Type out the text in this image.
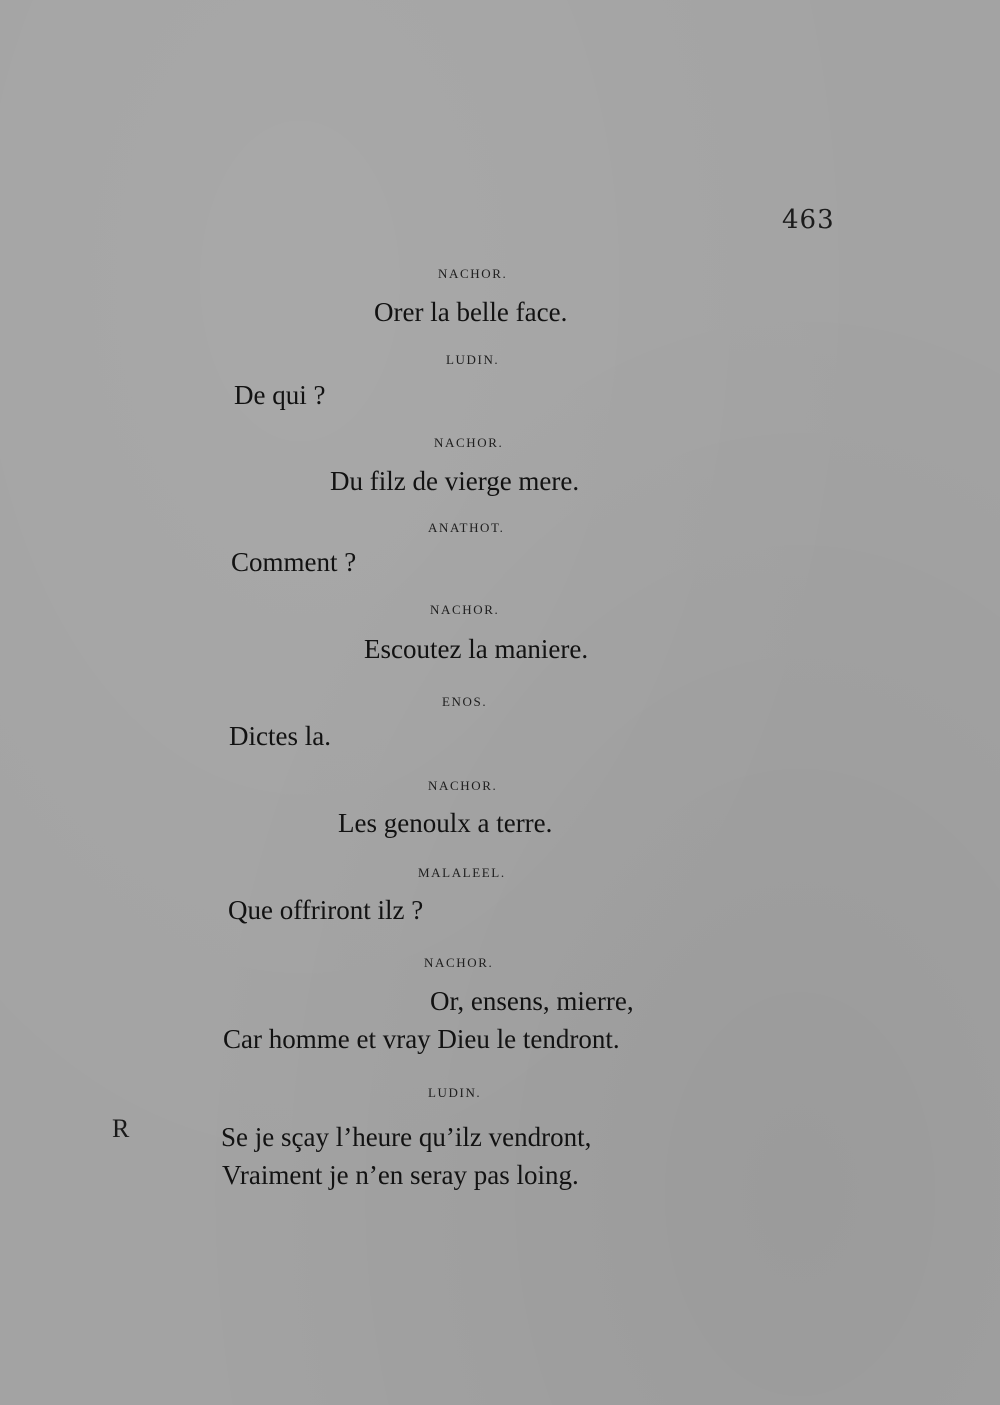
463
R
NACHOR.
Orer la belle face.
LUDIN.
De qui ?
NACHOR.
Du filz de vierge mere.
ANATHOT.
Comment ?
NACHOR.
Escoutez la maniere.
ENOS.
Dictes la.
NACHOR.
Les genoulx a terre.
MALALEEL.
Que offriront ilz ?
NACHOR.
Or, ensens, mierre,
Car homme et vray Dieu le tendront.
LUDIN.
Se je sçay l’heure qu’ilz vendront,
Vraiment je n’en seray pas loing.
